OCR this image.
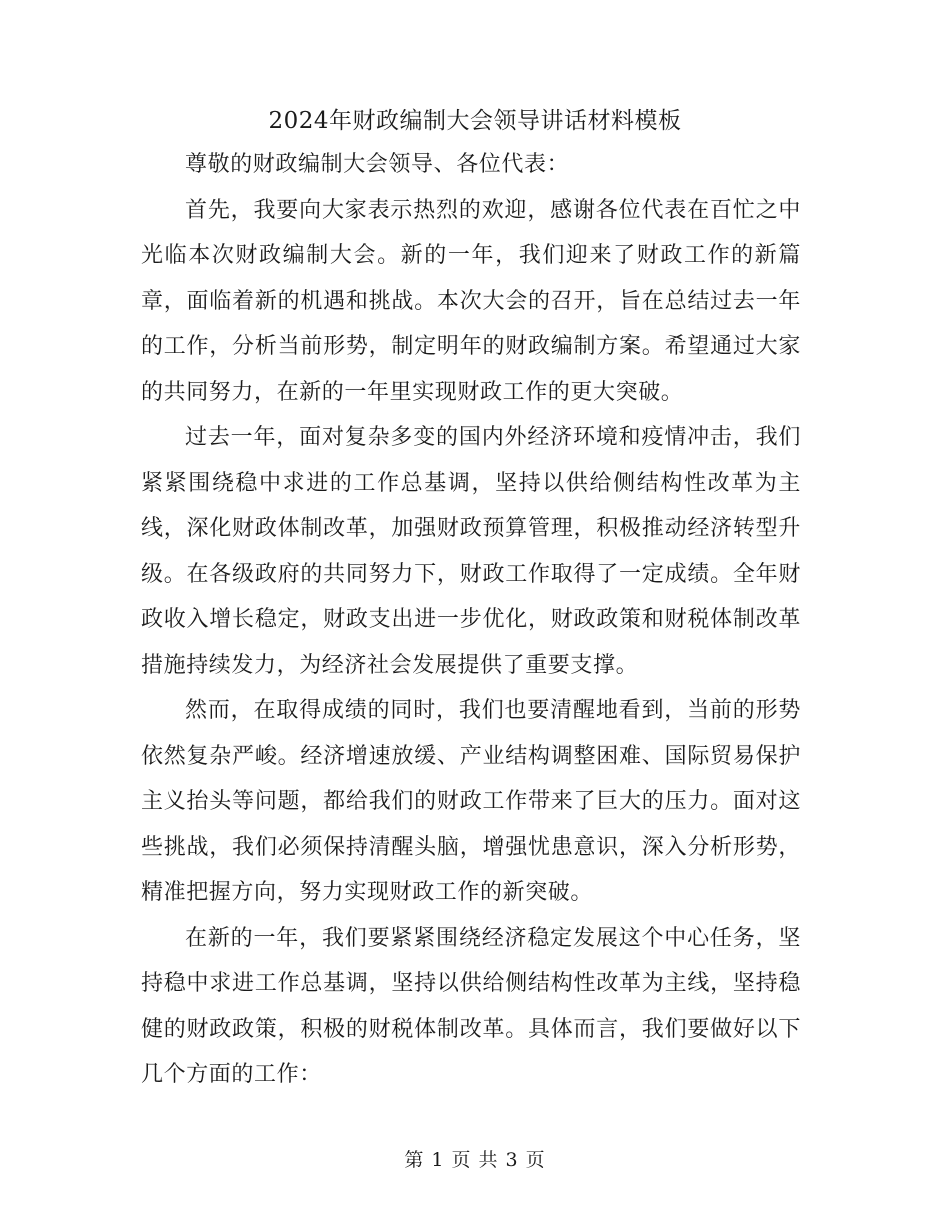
2024年财政编制大会领导讲话材料模板

尊敬的财政编制大会领导、各位代表：

首先，我要向大家表示热烈的欢迎，感谢各位代表在百忙之中光临本次财政编制大会。新的一年，我们迎来了财政工作的新篇章，面临着新的机遇和挑战。本次大会的召开，旨在总结过去一年的工作，分析当前形势，制定明年的财政编制方案。希望通过大家的共同努力，在新的一年里实现财政工作的更大突破。

过去一年，面对复杂多变的国内外经济环境和疫情冲击，我们紧紧围绕稳中求进的工作总基调，坚持以供给侧结构性改革为主线，深化财政体制改革，加强财政预算管理，积极推动经济转型升级。在各级政府的共同努力下，财政工作取得了一定成绩。全年财政收入增长稳定，财政支出进一步优化，财政政策和财税体制改革措施持续发力，为经济社会发展提供了重要支撑。

然而，在取得成绩的同时，我们也要清醒地看到，当前的形势依然复杂严峻。经济增速放缓、产业结构调整困难、国际贸易保护主义抬头等问题，都给我们的财政工作带来了巨大的压力。面对这些挑战，我们必须保持清醒头脑，增强忧患意识，深入分析形势，精准把握方向，努力实现财政工作的新突破。

在新的一年，我们要紧紧围绕经济稳定发展这个中心任务，坚持稳中求进工作总基调，坚持以供给侧结构性改革为主线，坚持稳健的财政政策，积极的财税体制改革。具体而言，我们要做好以下几个方面的工作：

第 1 页 共 3 页
